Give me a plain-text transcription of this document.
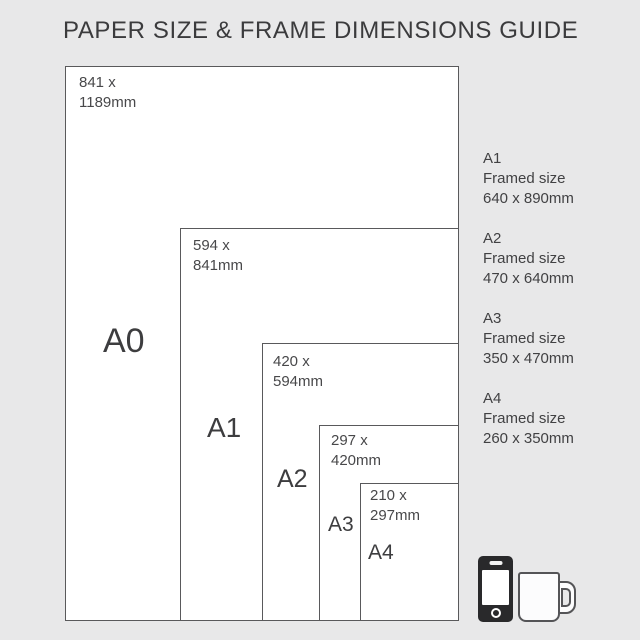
PAPER SIZE & FRAME DIMENSIONS GUIDE
841 x
1189mm
594 x
841mm
420 x
594mm
297 x
420mm
210 x
297mm
A0
A1
A2
A3
A4
A1
Framed size
640 x 890mm
A2
Framed size
470 x 640mm
A3
Framed size
350 x 470mm
A4
Framed size
260 x 350mm
